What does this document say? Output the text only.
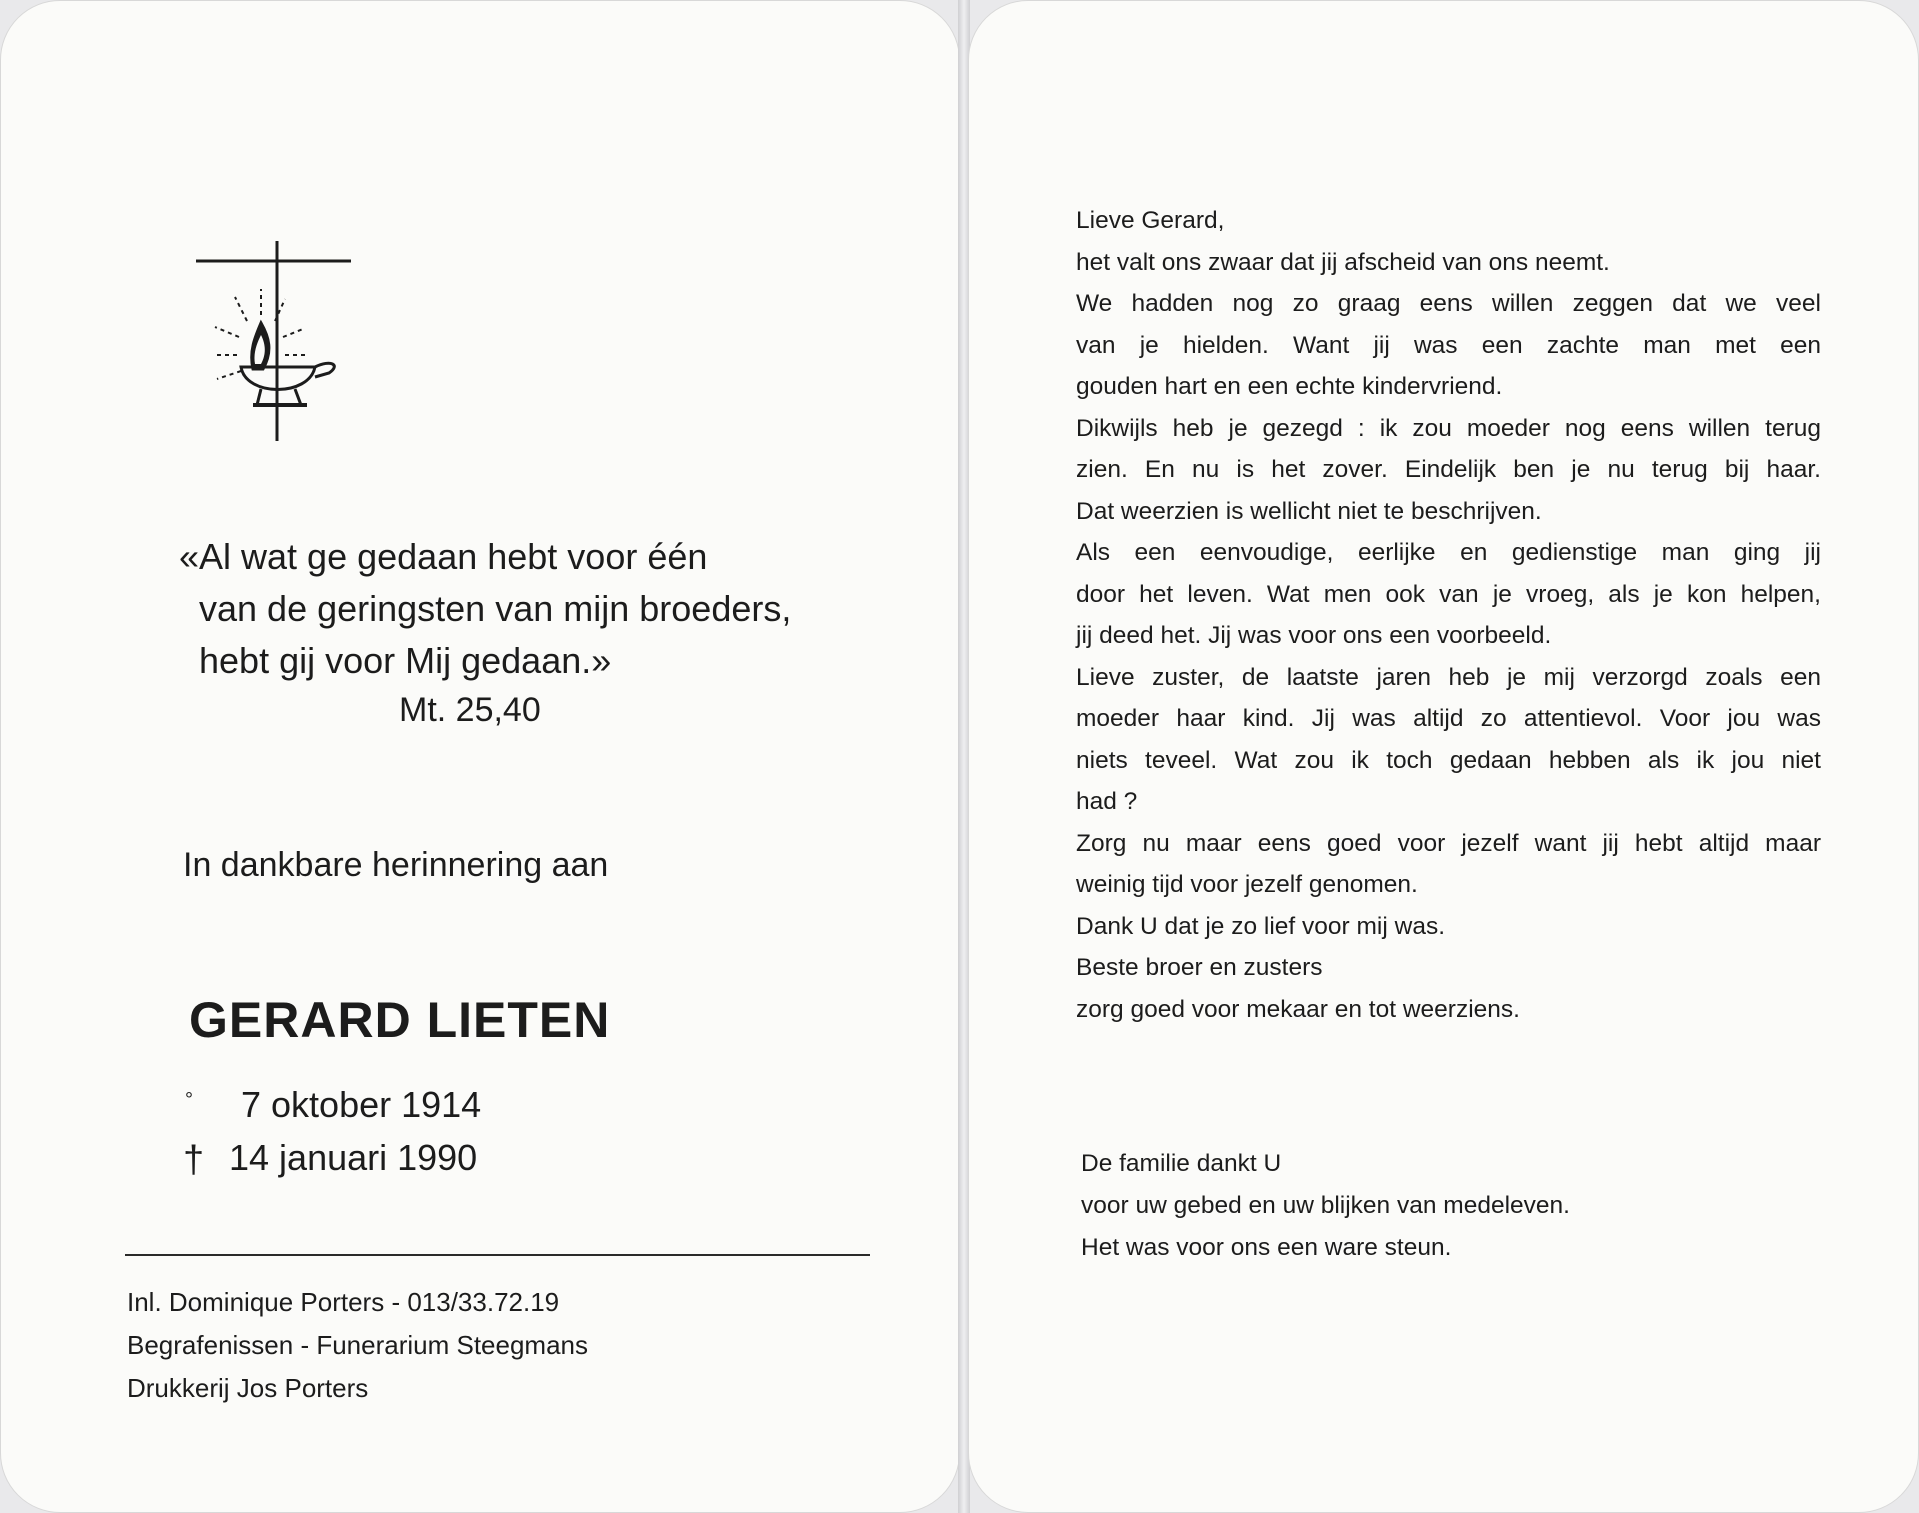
«Al wat ge gedaan hebt voor één
van de geringsten van mijn broeders,
hebt gij voor Mij gedaan.»
Mt. 25,40
In dankbare herinnering aan
GERARD LIETEN
° 7 oktober 1914
† 14 januari 1990
Inl. Dominique Porters - 013/33.72.19
Begrafenissen - Funerarium Steegmans
Drukkerij Jos Porters
Lieve Gerard,
het valt ons zwaar dat jij afscheid van ons neemt.
We hadden nog zo graag eens willen zeggen dat we veel
van je hielden. Want jij was een zachte man met een
gouden hart en een echte kindervriend.
Dikwijls heb je gezegd : ik zou moeder nog eens willen terug
zien. En nu is het zover. Eindelijk ben je nu terug bij haar.
Dat weerzien is wellicht niet te beschrijven.
Als een eenvoudige, eerlijke en gedienstige man ging jij
door het leven. Wat men ook van je vroeg, als je kon helpen,
jij deed het. Jij was voor ons een voorbeeld.
Lieve zuster, de laatste jaren heb je mij verzorgd zoals een
moeder haar kind. Jij was altijd zo attentievol. Voor jou was
niets teveel. Wat zou ik toch gedaan hebben als ik jou niet
had ?
Zorg nu maar eens goed voor jezelf want jij hebt altijd maar
weinig tijd voor jezelf genomen.
Dank U dat je zo lief voor mij was.
Beste broer en zusters
zorg goed voor mekaar en tot weerziens.
De familie dankt U
voor uw gebed en uw blijken van medeleven.
Het was voor ons een ware steun.
